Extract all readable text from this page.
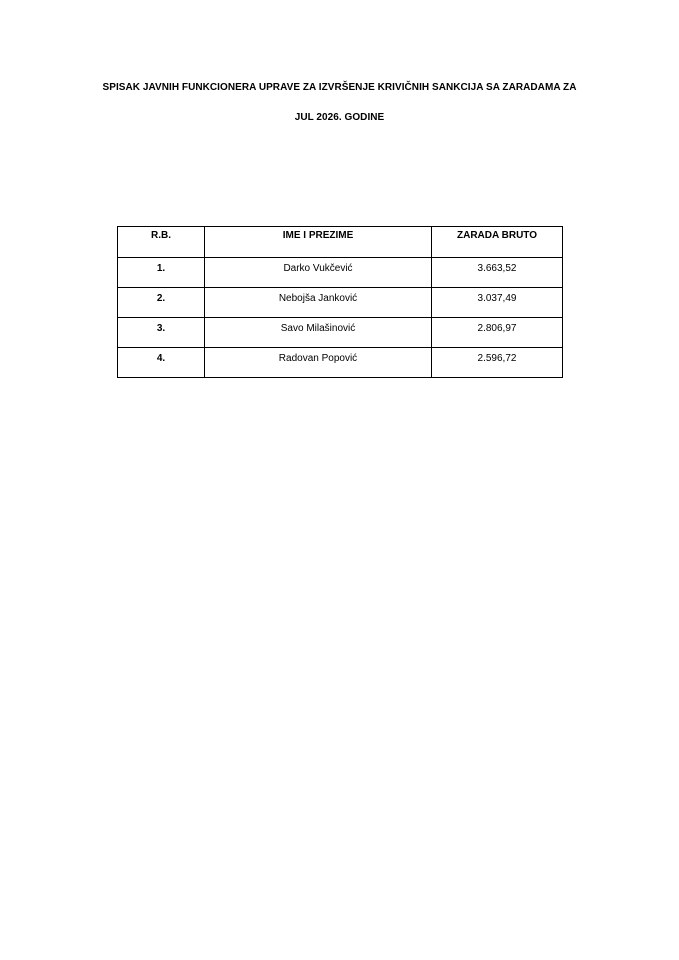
SPISAK JAVNIH FUNKCIONERA UPRAVE ZA IZVRŠENJE KRIVIČNIH SANKCIJA SA ZARADAMA ZA
JUL 2026. GODINE
R.B.	IME I PREZIME	ZARADA BRUTO
1.	Darko Vukčević	3.663,52
2.	Nebojša Janković	3.037,49
3.	Savo Milašinović	2.806,97
4.	Radovan Popović	2.596,72
